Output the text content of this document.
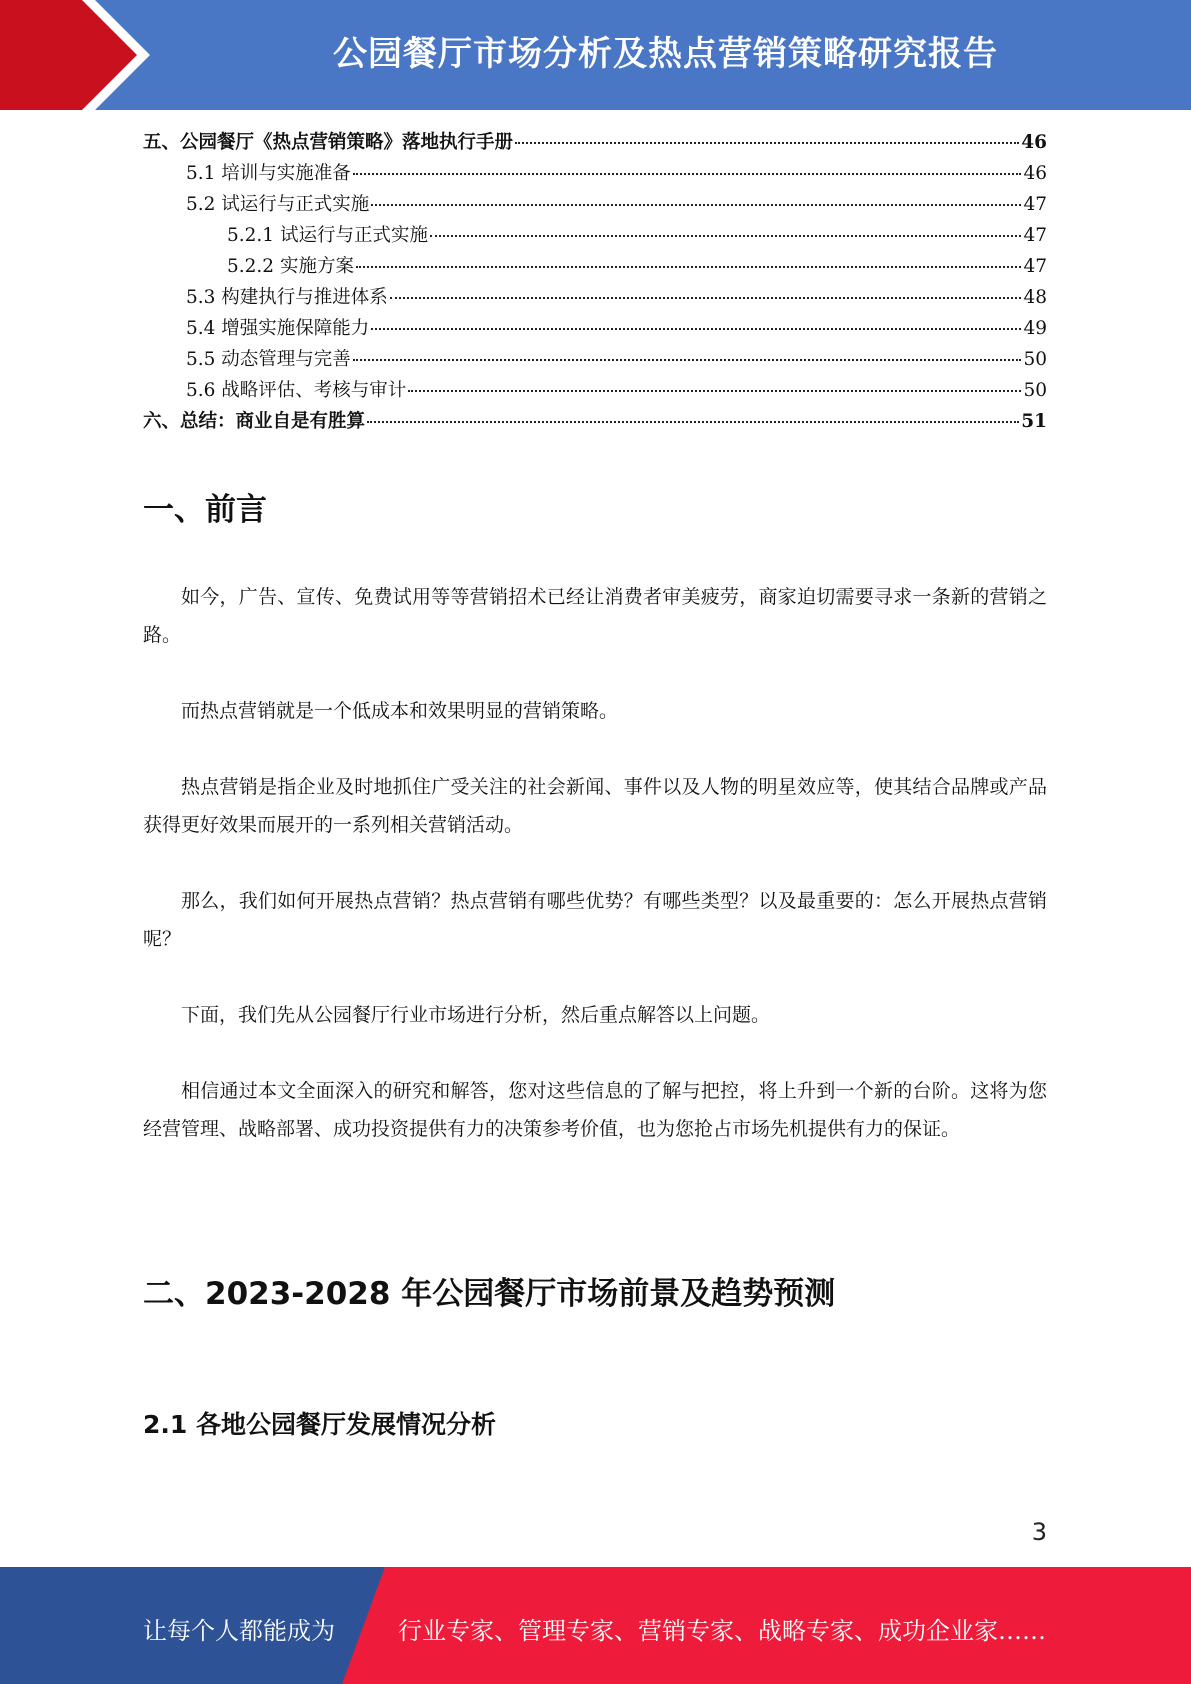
公园餐厅市场分析及热点营销策略研究报告
五、公园餐厅《热点营销策略》落地执行手册	46
5.1 培训与实施准备	46
5.2 试运行与正式实施	47
5.2.1 试运行与正式实施	47
5.2.2 实施方案	47
5.3 构建执行与推进体系	48
5.4 增强实施保障能力	49
5.5 动态管理与完善	50
5.6 战略评估、考核与审计	50
六、总结：商业自是有胜算	51
一、前言

如今，广告、宣传、免费试用等等营销招术已经让消费者审美疲劳，商家迫切需要寻求一条新的营销之路。

而热点营销就是一个低成本和效果明显的营销策略。

热点营销是指企业及时地抓住广受关注的社会新闻、事件以及人物的明星效应等，使其结合品牌或产品获得更好效果而展开的一系列相关营销活动。

那么，我们如何开展热点营销？热点营销有哪些优势？有哪些类型？以及最重要的：怎么开展热点营销呢？

下面，我们先从公园餐厅行业市场进行分析，然后重点解答以上问题。

相信通过本文全面深入的研究和解答，您对这些信息的了解与把控，将上升到一个新的台阶。这将为您经营管理、战略部署、成功投资提供有力的决策参考价值，也为您抢占市场先机提供有力的保证。

二、2023-2028 年公园餐厅市场前景及趋势预测
2.1 各地公园餐厅发展情况分析
3
让每个人都能成为	行业专家、管理专家、营销专家、战略专家、成功企业家……
